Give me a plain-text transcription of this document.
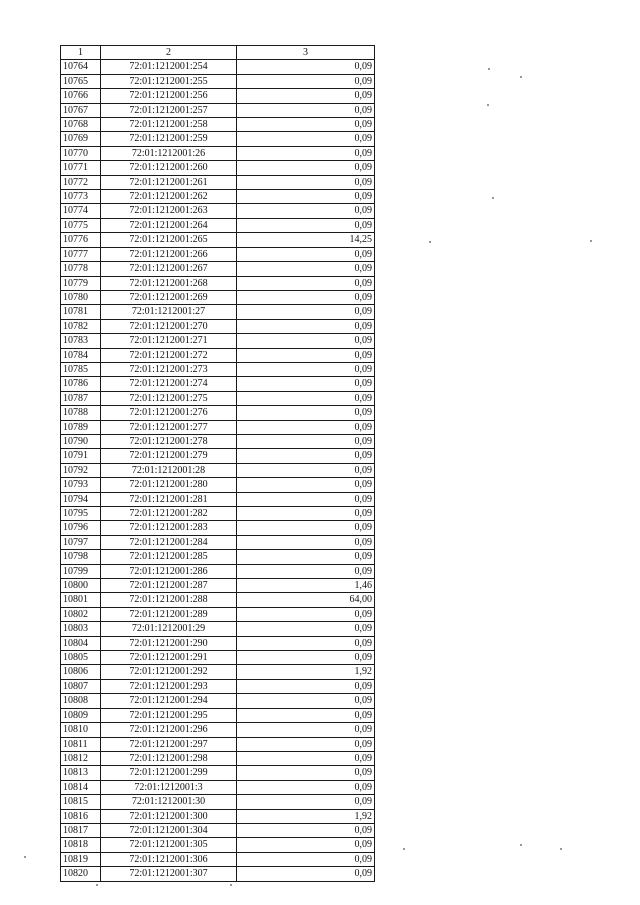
1	2	3
10764	72:01:1212001:254	0,09
10765	72:01:1212001:255	0,09
10766	72:01:1212001:256	0,09
10767	72:01:1212001:257	0,09
10768	72:01:1212001:258	0,09
10769	72:01:1212001:259	0,09
10770	72:01:1212001:26	0,09
10771	72:01:1212001:260	0,09
10772	72:01:1212001:261	0,09
10773	72:01:1212001:262	0,09
10774	72:01:1212001:263	0,09
10775	72:01:1212001:264	0,09
10776	72:01:1212001:265	14,25
10777	72:01:1212001:266	0,09
10778	72:01:1212001:267	0,09
10779	72:01:1212001:268	0,09
10780	72:01:1212001:269	0,09
10781	72:01:1212001:27	0,09
10782	72:01:1212001:270	0,09
10783	72:01:1212001:271	0,09
10784	72:01:1212001:272	0,09
10785	72:01:1212001:273	0,09
10786	72:01:1212001:274	0,09
10787	72:01:1212001:275	0,09
10788	72:01:1212001:276	0,09
10789	72:01:1212001:277	0,09
10790	72:01:1212001:278	0,09
10791	72:01:1212001:279	0,09
10792	72:01:1212001:28	0,09
10793	72:01:1212001:280	0,09
10794	72:01:1212001:281	0,09
10795	72:01:1212001:282	0,09
10796	72:01:1212001:283	0,09
10797	72:01:1212001:284	0,09
10798	72:01:1212001:285	0,09
10799	72:01:1212001:286	0,09
10800	72:01:1212001:287	1,46
10801	72:01:1212001:288	64,00
10802	72:01:1212001:289	0,09
10803	72:01:1212001:29	0,09
10804	72:01:1212001:290	0,09
10805	72:01:1212001:291	0,09
10806	72:01:1212001:292	1,92
10807	72:01:1212001:293	0,09
10808	72:01:1212001:294	0,09
10809	72:01:1212001:295	0,09
10810	72:01:1212001:296	0,09
10811	72:01:1212001:297	0,09
10812	72:01:1212001:298	0,09
10813	72:01:1212001:299	0,09
10814	72:01:1212001:3	0,09
10815	72:01:1212001:30	0,09
10816	72:01:1212001:300	1,92
10817	72:01:1212001:304	0,09
10818	72:01:1212001:305	0,09
10819	72:01:1212001:306	0,09
10820	72:01:1212001:307	0,09
